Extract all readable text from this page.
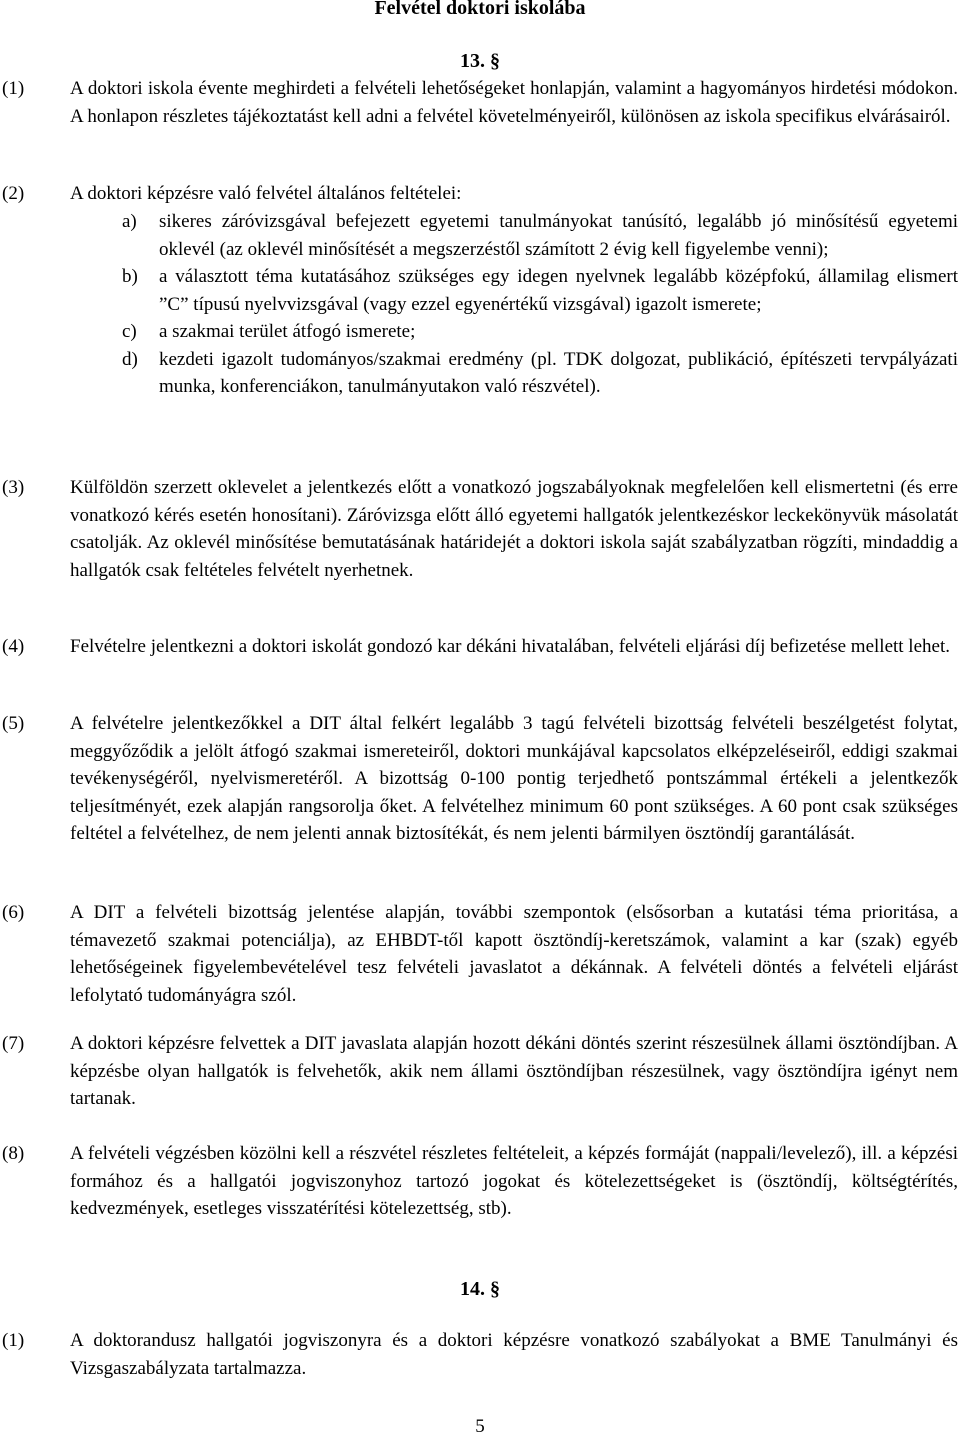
Felvétel doktori iskolába
13. §
(1) A doktori iskola évente meghirdeti a felvételi lehetőségeket honlapján, valamint a hagyományos hirdetési módokon. A honlapon részletes tájékoztatást kell adni a felvétel követelményeiről, különösen az iskola specifikus elvárásairól.
(2) A doktori képzésre való felvétel általános feltételei:
a) sikeres záróvizsgával befejezett egyetemi tanulmányokat tanúsító, legalább jó minősítésű egyetemi oklevél (az oklevél minősítését a megszerzéstől számított 2 évig kell figyelembe venni);
b) a választott téma kutatásához szükséges egy idegen nyelvnek legalább középfokú, államilag elismert ”C” típusú nyelvvizsgával (vagy ezzel egyenértékű vizsgával) igazolt ismerete;
c) a szakmai terület átfogó ismerete;
d) kezdeti igazolt tudományos/szakmai eredmény (pl. TDK dolgozat, publikáció, építészeti tervpályázati munka, konferenciákon, tanulmányutakon való részvétel).
(3) Külföldön szerzett oklevelet a jelentkezés előtt a vonatkozó jogszabályoknak megfelelően kell elismertetni (és erre vonatkozó kérés esetén honosítani). Záróvizsga előtt álló egyetemi hallgatók jelentkezéskor leckekönyvük másolatát csatolják. Az oklevél minősítése bemutatásának határidejét a doktori iskola saját szabályzatban rögzíti, mindaddig a hallgatók csak feltételes felvételt nyerhetnek.
(4) Felvételre jelentkezni a doktori iskolát gondozó kar dékáni hivatalában, felvételi eljárási díj befizetése mellett lehet.
(5) A felvételre jelentkezőkkel a DIT által felkért legalább 3 tagú felvételi bizottság felvételi beszélgetést folytat, meggyőződik a jelölt átfogó szakmai ismereteiről, doktori munkájával kapcsolatos elképzeléseiről, eddigi szakmai tevékenységéről, nyelvismeretéről. A bizottság 0-100 pontig terjedhető pontszámmal értékeli a jelentkezők teljesítményét, ezek alapján rangsorolja őket. A felvételhez minimum 60 pont szükséges. A 60 pont csak szükséges feltétel a felvételhez, de nem jelenti annak biztosítékát, és nem jelenti bármilyen ösztöndíj garantálását.
(6) A DIT a felvételi bizottság jelentése alapján, további szempontok (elsősorban a kutatási téma prioritása, a témavezető szakmai potenciálja), az EHBDT-től kapott ösztöndíj-keretszámok, valamint a kar (szak) egyéb lehetőségeinek figyelembevételével tesz felvételi javaslatot a dékánnak. A felvételi döntés a felvételi eljárást lefolytató tudományágra szól.
(7) A doktori képzésre felvettek a DIT javaslata alapján hozott dékáni döntés szerint részesülnek állami ösztöndíjban. A képzésbe olyan hallgatók is felvehetők, akik nem állami ösztöndíjban részesülnek, vagy ösztöndíjra igényt nem tartanak.
(8) A felvételi végzésben közölni kell a részvétel részletes feltételeit, a képzés formáját (nappali/levelező), ill. a képzési formához és a hallgatói jogviszonyhoz tartozó jogokat és kötelezettségeket is (ösztöndíj, költségtérítés, kedvezmények, esetleges visszatérítési kötelezettség, stb).
14. §
(1) A doktorandusz hallgatói jogviszonyra és a doktori képzésre vonatkozó szabályokat a BME Tanulmányi és Vizsgaszabályzata tartalmazza.
5
